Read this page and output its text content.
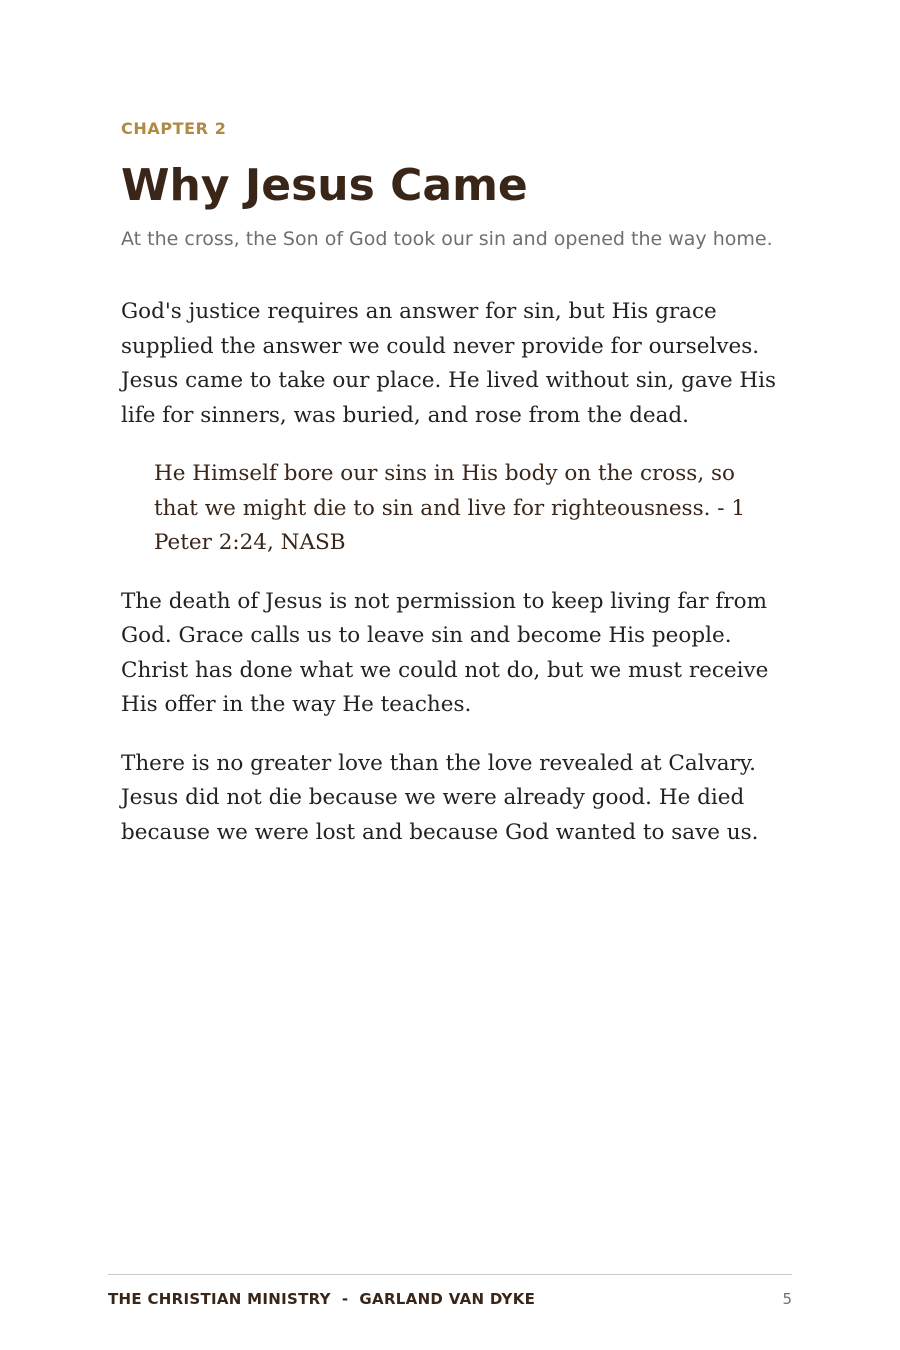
CHAPTER 2

Why Jesus Came

At the cross, the Son of God took our sin and opened the way home.

God's justice requires an answer for sin, but His grace supplied the answer we could never provide for ourselves. Jesus came to take our place. He lived without sin, gave His life for sinners, was buried, and rose from the dead.

He Himself bore our sins in His body on the cross, so that we might die to sin and live for righteousness. - 1 Peter 2:24, NASB

The death of Jesus is not permission to keep living far from God. Grace calls us to leave sin and become His people. Christ has done what we could not do, but we must receive His offer in the way He teaches.

There is no greater love than the love revealed at Calvary. Jesus did not die because we were already good. He died because we were lost and because God wanted to save us.

THE CHRISTIAN MINISTRY  -  GARLAND VAN DYKE	5
